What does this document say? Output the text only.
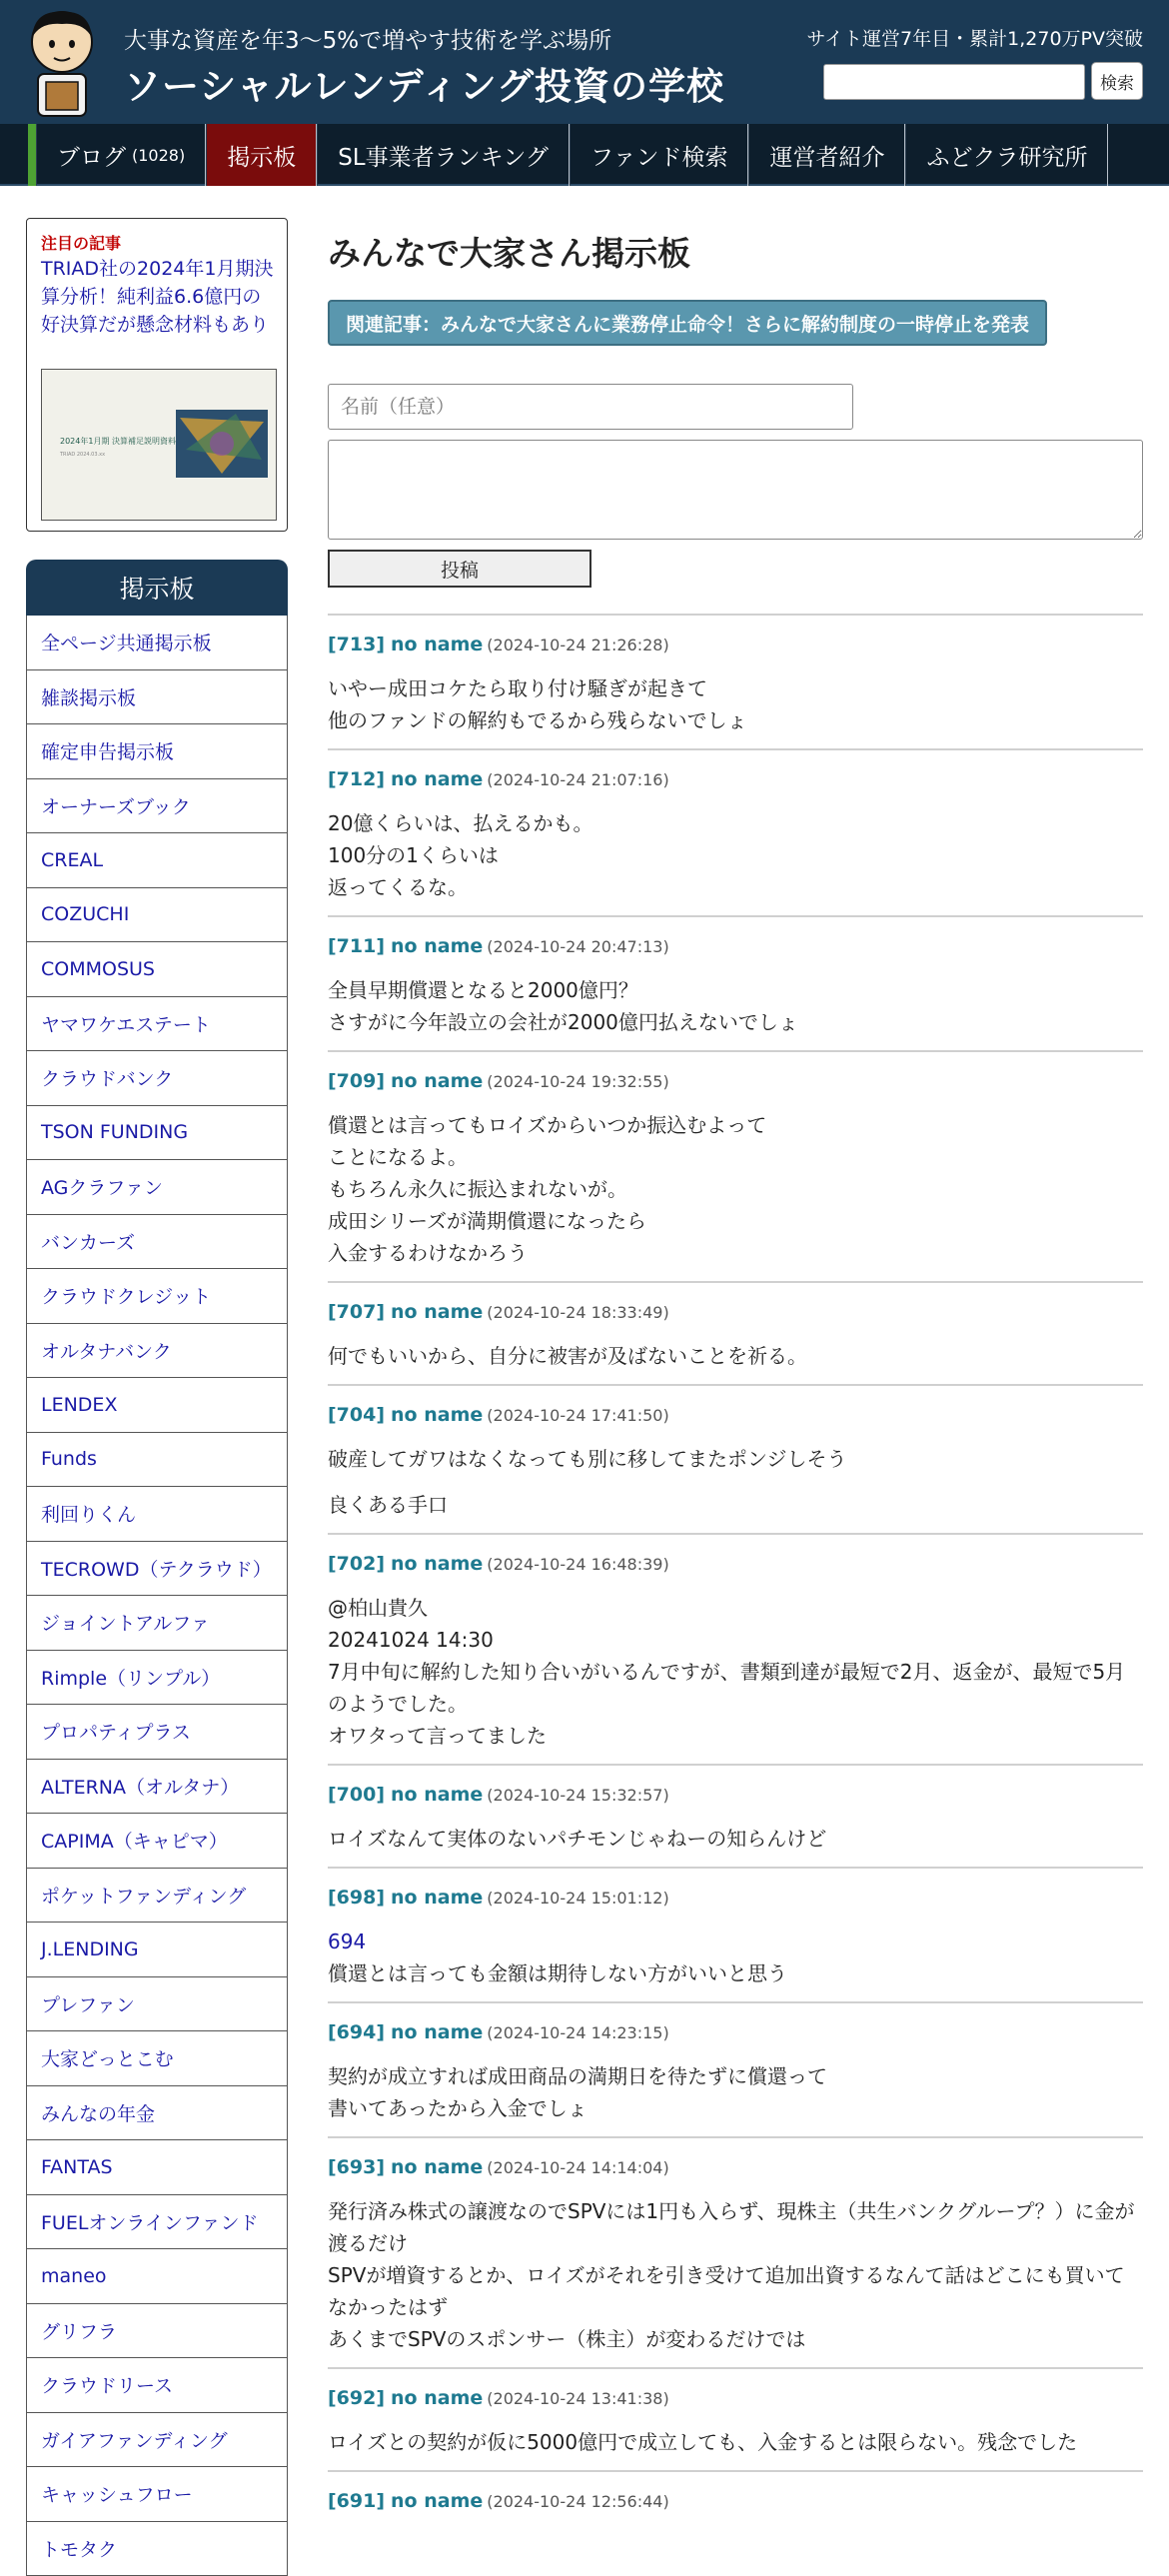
大事な資産を年3〜5%で増やす技術を学ぶ場所
ソーシャルレンディング投資の学校
サイト運営7年目・累計1,270万PV突破
検索
ブログ (1028) 掲示板 SL事業者ランキング ファンド検索 運営者紹介 ふどクラ研究所
注目の記事
TRIAD社の2024年1月期決算分析！純利益6.6億円の好決算だが懸念材料もあり
2024年1月期 決算補足説明資料
TRIAD 2024.03.xx
掲示板
全ページ共通掲示板
雑談掲示板
確定申告掲示板
オーナーズブック
CREAL
COZUCHI
COMMOSUS
ヤマワケエステート
クラウドバンク
TSON FUNDING
AGクラファン
バンカーズ
クラウドクレジット
オルタナバンク
LENDEX
Funds
利回りくん
TECROWD（テクラウド）
ジョイントアルファ
Rimple（リンプル）
プロパティプラス
ALTERNA（オルタナ）
CAPIMA（キャピマ）
ポケットファンディング
J.LENDING
プレファン
大家どっとこむ
みんなの年金
FANTAS
FUELオンラインファンド
maneo
グリフラ
クラウドリース
ガイアファンディング
キャッシュフロー
トモタク
みんなで大家さん掲示板
関連記事：みんなで大家さんに業務停止命令！さらに解約制度の一時停止を発表
名前（任意）
投稿
[713] no name (2024-10-24 21:26:28)
いやー成田コケたら取り付け騒ぎが起きて
他のファンドの解約もでるから残らないでしょ
[712] no name (2024-10-24 21:07:16)
20億くらいは、払えるかも。
100分の1くらいは
返ってくるな。
[711] no name (2024-10-24 20:47:13)
全員早期償還となると2000億円？
さすがに今年設立の会社が2000億円払えないでしょ
[709] no name (2024-10-24 19:32:55)
償還とは言ってもロイズからいつか振込むよって
ことになるよ。
もちろん永久に振込まれないが。
成田シリーズが満期償還になったら
入金するわけなかろう
[707] no name (2024-10-24 18:33:49)
何でもいいから、自分に被害が及ばないことを祈る。
[704] no name (2024-10-24 17:41:50)
破産してガワはなくなっても別に移してまたポンジしそう
良くある手口
[702] no name (2024-10-24 16:48:39)
@柏山貴久
20241024 14:30
7月中旬に解約した知り合いがいるんですが、書類到達が最短で2月、返金が、最短で5月のようでした。
オワタって言ってました
[700] no name (2024-10-24 15:32:57)
ロイズなんて実体のないパチモンじゃねーの知らんけど
[698] no name (2024-10-24 15:01:12)
694
償還とは言っても金額は期待しない方がいいと思う
[694] no name (2024-10-24 14:23:15)
契約が成立すれば成田商品の満期日を待たずに償還って
書いてあったから入金でしょ
[693] no name (2024-10-24 14:14:04)
発行済み株式の譲渡なのでSPVには1円も入らず、現株主（共生バンクグループ？）に金が渡るだけ
SPVが増資するとか、ロイズがそれを引き受けて追加出資するなんて話はどこにも買いてなかったはず
あくまでSPVのスポンサー（株主）が変わるだけでは
[692] no name (2024-10-24 13:41:38)
ロイズとの契約が仮に5000億円で成立しても、入金するとは限らない。残念でした
[691] no name (2024-10-24 12:56:44)
